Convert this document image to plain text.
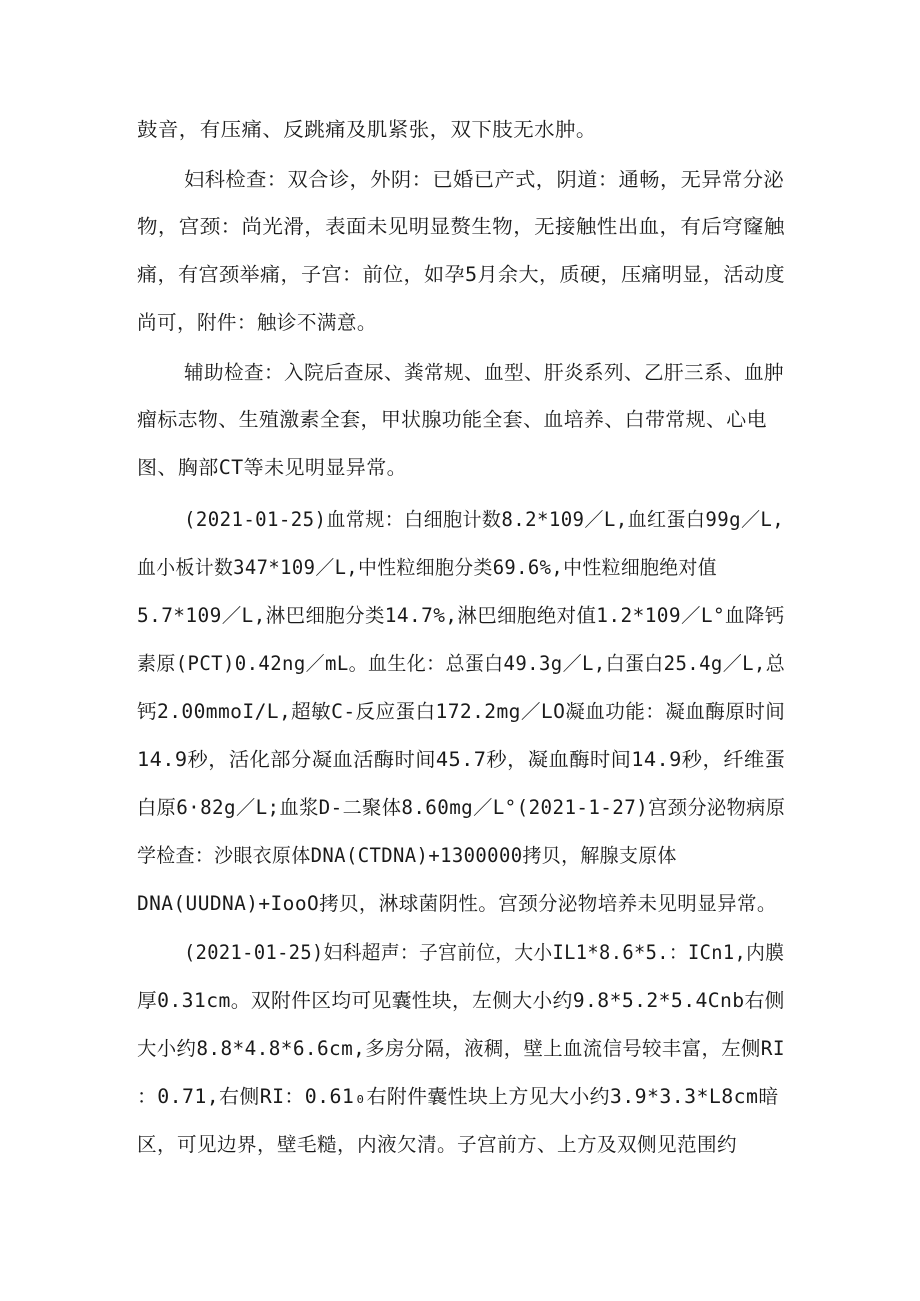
鼓音，有压痛、反跳痛及肌紧张，双下肢无水肿。
妇科检查：双合诊，外阴：已婚已产式，阴道：通畅，无异常分泌
物，宫颈：尚光滑，表面未见明显赘生物，无接触性出血，有后穹窿触
痛，有宫颈举痛，子宫：前位，如孕5月余大，质硬，压痛明显，活动度
尚可，附件：触诊不满意。
辅助检查：入院后查尿、粪常规、血型、肝炎系列、乙肝三系、血肿
瘤标志物、生殖激素全套，甲状腺功能全套、血培养、白带常规、心电
图、胸部CT等未见明显异常。
(2021-01-25)血常规：白细胞计数8.2*109／L,血红蛋白99g／L,
血小板计数347*109／L,中性粒细胞分类69.6%,中性粒细胞绝对值
5.7*109／L,淋巴细胞分类14.7%,淋巴细胞绝对值1.2*109／L°血降钙
素原(PCT)0.42ng／mL。血生化：总蛋白49.3g／L,白蛋白25.4g／L,总
钙2.00mmoI/L,超敏C-反应蛋白172.2mg／LO凝血功能：凝血酶原时间
14.9秒，活化部分凝血活酶时间45.7秒，凝血酶时间14.9秒，纤维蛋
白原6·82g／L;血浆D-二聚体8.60mg／L°(2021-1-27)宫颈分泌物病原
学检查：沙眼衣原体DNA(CTDNA)+1300000拷贝，解腺支原体
DNA(UUDNA)+IooO拷贝，淋球菌阴性。宫颈分泌物培养未见明显异常。
(2021-01-25)妇科超声：子宫前位，大小IL1*8.6*5.：ICn1,内膜
厚0.31cm。双附件区均可见囊性块，左侧大小约9.8*5.2*5.4Cnb右侧
大小约8.8*4.8*6.6cm,多房分隔，液稠，壁上血流信号较丰富，左侧RI
：0.71,右侧RI：0.61₀右附件囊性块上方见大小约3.9*3.3*L8cm暗
区，可见边界，壁毛糙，内液欠清。子宫前方、上方及双侧见范围约
